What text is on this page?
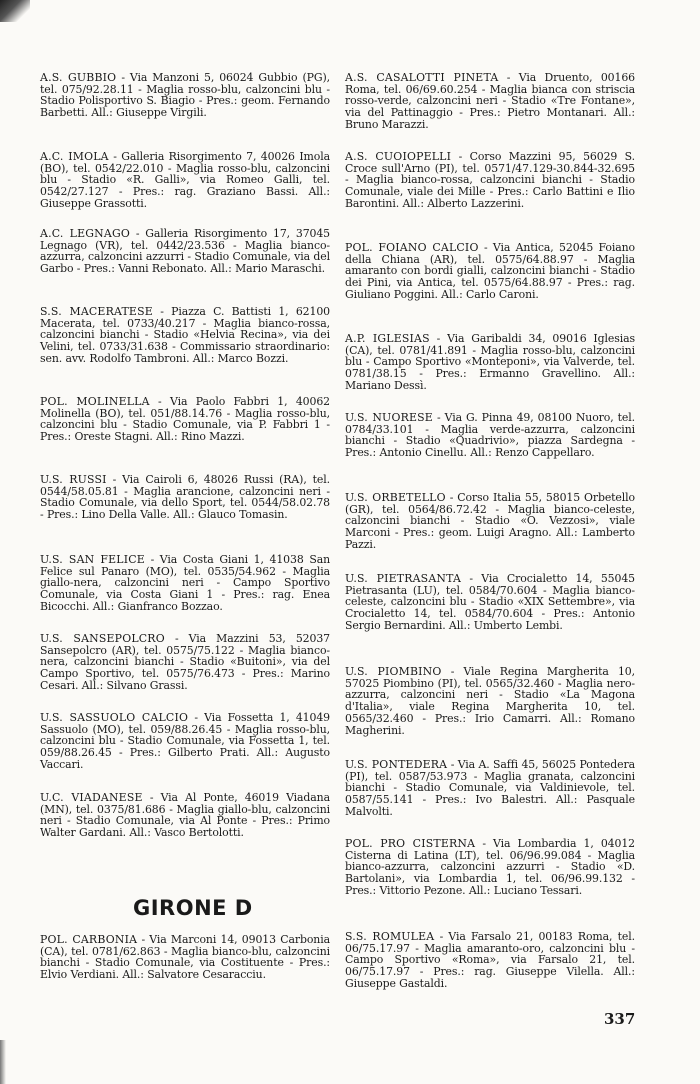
A.S. GUBBIO - Via Manzoni 5, 06024 Gubbio (PG), tel. 075/92.28.11 - Maglia rosso-blu, calzoncini blu - Stadio Polisportivo S. Biagio - Pres.: geom. Fernando Barbetti. All.: Giuseppe Virgili.
A.C. IMOLA - Galleria Risorgimento 7, 40026 Imola (BO), tel. 0542/22.010 - Maglia rosso-blu, calzoncini blu - Stadio «R. Galli», via Romeo Galli, tel. 0542/27.127 - Pres.: rag. Graziano Bassi. All.: Giuseppe Grassotti.
A.C. LEGNAGO - Galleria Risorgimento 17, 37045 Legnago (VR), tel. 0442/23.536 - Maglia bianco-azzurra, calzoncini azzurri - Stadio Comunale, via del Garbo - Pres.: Vanni Rebonato. All.: Mario Maraschi.
S.S. MACERATESE - Piazza C. Battisti 1, 62100 Macerata, tel. 0733/40.217 - Maglia bianco-rossa, calzoncini bianchi - Stadio «Helvia Recina», via dei Velini, tel. 0733/31.638 - Commissario straordinario: sen. avv. Rodolfo Tambroni. All.: Marco Bozzi.
POL. MOLINELLA - Via Paolo Fabbri 1, 40062 Molinella (BO), tel. 051/88.14.76 - Maglia rosso-blu, calzoncini blu - Stadio Comunale, via P. Fabbri 1 - Pres.: Oreste Stagni. All.: Rino Mazzi.
U.S. RUSSI - Via Cairoli 6, 48026 Russi (RA), tel. 0544/58.05.81 - Maglia arancione, calzoncini neri - Stadio Comunale, via dello Sport, tel. 0544/58.02.78 - Pres.: Lino Della Valle. All.: Glauco Tomasin.
U.S. SAN FELICE - Via Costa Giani 1, 41038 San Felice sul Panaro (MO), tel. 0535/54.962 - Maglia giallo-nera, calzoncini neri - Campo Sportivo Comunale, via Costa Giani 1 - Pres.: rag. Enea Bicocchi. All.: Gianfranco Bozzao.
U.S. SANSEPOLCRO - Via Mazzini 53, 52037 Sansepolcro (AR), tel. 0575/75.122 - Maglia bianco-nera, calzoncini bianchi - Stadio «Buitoni», via del Campo Sportivo, tel. 0575/76.473 - Pres.: Marino Cesari. All.: Silvano Grassi.
U.S. SASSUOLO CALCIO - Via Fossetta 1, 41049 Sassuolo (MO), tel. 059/88.26.45 - Maglia rosso-blu, calzoncini blu - Stadio Comunale, via Fossetta 1, tel. 059/88.26.45 - Pres.: Gilberto Prati. All.: Augusto Vaccari.
U.C. VIADANESE - Via Al Ponte, 46019 Viadana (MN), tel. 0375/81.686 - Maglia giallo-blu, calzoncini neri - Stadio Comunale, via Al Ponte - Pres.: Primo Walter Gardani. All.: Vasco Bertolotti.
POL. CARBONIA - Via Marconi 14, 09013 Carbonia (CA), tel. 0781/62.863 - Maglia bianco-blu, calzoncini bianchi - Stadio Comunale, via Costituente - Pres.: Elvio Verdiani. All.: Salvatore Cesaracciu.
GIRONE D
A.S. CASALOTTI PINETA - Via Druento, 00166 Roma, tel. 06/69.60.254 - Maglia bianca con striscia rosso-verde, calzoncini neri - Stadio «Tre Fontane», via del Pattinaggio - Pres.: Pietro Montanari. All.: Bruno Marazzi.
A.S. CUOIOPELLI - Corso Mazzini 95, 56029 S. Croce sull'Arno (PI), tel. 0571/47.129-30.844-32.695 - Maglia bianco-rossa, calzoncini bianchi - Stadio Comunale, viale dei Mille - Pres.: Carlo Battini e Ilio Barontini. All.: Alberto Lazzerini.
POL. FOIANO CALCIO - Via Antica, 52045 Foiano della Chiana (AR), tel. 0575/64.88.97 - Maglia amaranto con bordi gialli, calzoncini bianchi - Stadio dei Pini, via Antica, tel. 0575/64.88.97 - Pres.: rag. Giuliano Poggini. All.: Carlo Caroni.
A.P. IGLESIAS - Via Garibaldi 34, 09016 Iglesias (CA), tel. 0781/41.891 - Maglia rosso-blu, calzoncini blu - Campo Sportivo «Monteponi», via Valverde, tel. 0781/38.15 - Pres.: Ermanno Gravellino. All.: Mariano Dessì.
U.S. NUORESE - Via G. Pinna 49, 08100 Nuoro, tel. 0784/33.101 - Maglia verde-azzurra, calzoncini bianchi - Stadio «Quadrivio», piazza Sardegna - Pres.: Antonio Cinellu. All.: Renzo Cappellaro.
U.S. ORBETELLO - Corso Italia 55, 58015 Orbetello (GR), tel. 0564/86.72.42 - Maglia bianco-celeste, calzoncini bianchi - Stadio «O. Vezzosi», viale Marconi - Pres.: geom. Luigi Aragno. All.: Lamberto Pazzi.
U.S. PIETRASANTA - Via Crocialetto 14, 55045 Pietrasanta (LU), tel. 0584/70.604 - Maglia bianco-celeste, calzoncini blu - Stadio «XIX Settembre», via Crocialetto 14, tel. 0584/70.604 - Pres.: Antonio Sergio Bernardini. All.: Umberto Lembi.
U.S. PIOMBINO - Viale Regina Margherita 10, 57025 Piombino (PI), tel. 0565/32.460 - Maglia nero-azzurra, calzoncini neri - Stadio «La Magona d'Italia», viale Regina Margherita 10, tel. 0565/32.460 - Pres.: Irio Camarri. All.: Romano Magherini.
U.S. PONTEDERA - Via A. Saffi 45, 56025 Pontedera (PI), tel. 0587/53.973 - Maglia granata, calzoncini bianchi - Stadio Comunale, via Valdinievole, tel. 0587/55.141 - Pres.: Ivo Balestri. All.: Pasquale Malvolti.
POL. PRO CISTERNA - Via Lombardia 1, 04012 Cisterna di Latina (LT), tel. 06/96.99.084 - Maglia bianco-azzurra, calzoncini azzurri - Stadio «D. Bartolani», via Lombardia 1, tel. 06/96.99.132 - Pres.: Vittorio Pezone. All.: Luciano Tessari.
S.S. ROMULEA - Via Farsalo 21, 00183 Roma, tel. 06/75.17.97 - Maglia amaranto-oro, calzoncini blu - Campo Sportivo «Roma», via Farsalo 21, tel. 06/75.17.97 - Pres.: rag. Giuseppe Vilella. All.: Giuseppe Gastaldi.
337
